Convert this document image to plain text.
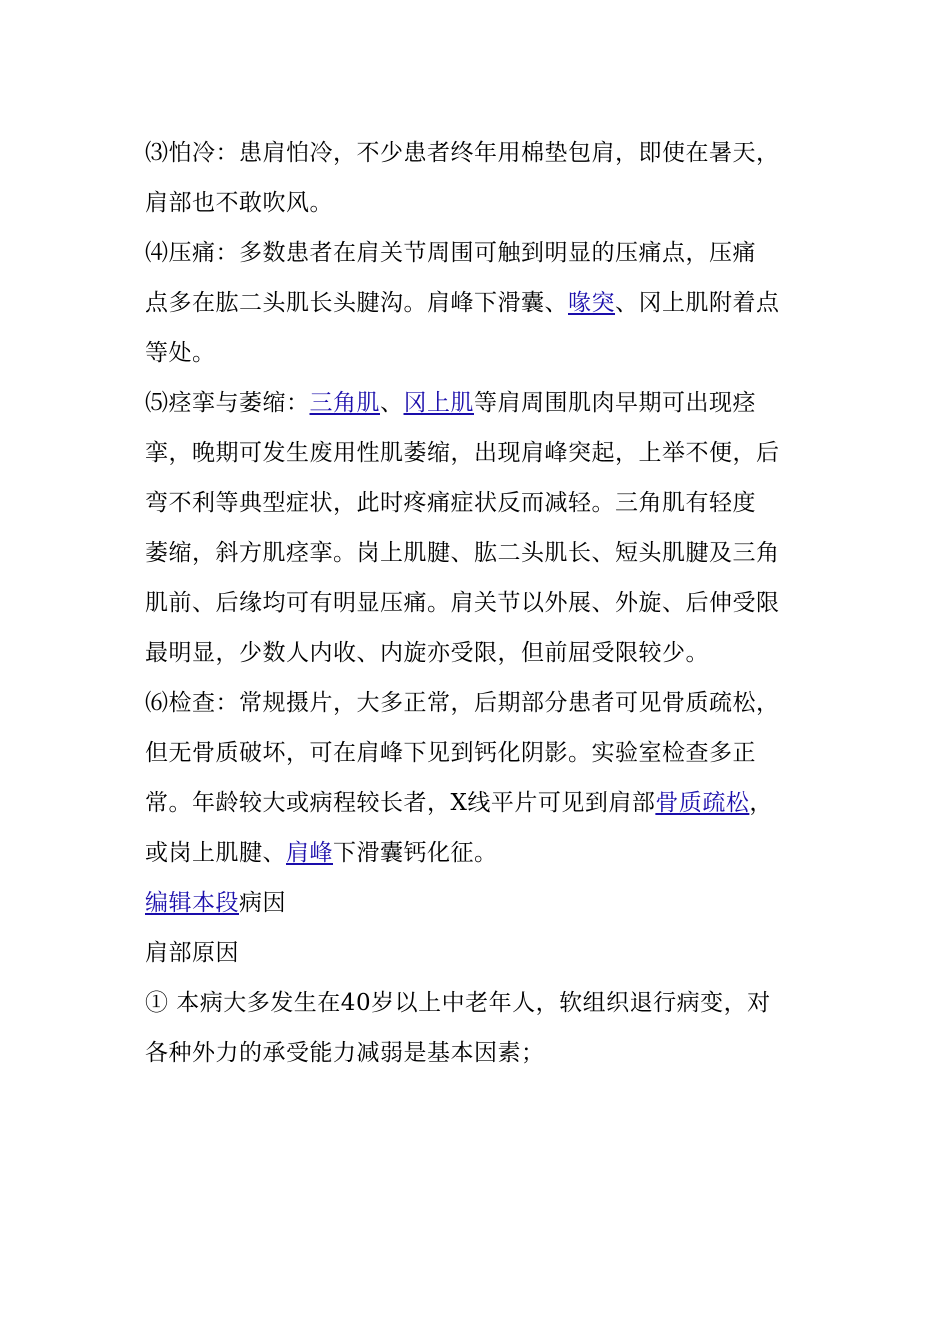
⑶怕冷：患肩怕冷，不少患者终年用棉垫包肩，即使在暑天，
肩部也不敢吹风。
⑷压痛：多数患者在肩关节周围可触到明显的压痛点，压痛
点多在肱二头肌长头腱沟。肩峰下滑囊、喙突、冈上肌附着点
等处。
⑸痉挛与萎缩：三角肌、冈上肌等肩周围肌肉早期可出现痉
挛，晚期可发生废用性肌萎缩，出现肩峰突起，上举不便，后
弯不利等典型症状，此时疼痛症状反而减轻。三角肌有轻度
萎缩，斜方肌痉挛。岗上肌腱、肱二头肌长、短头肌腱及三角
肌前、后缘均可有明显压痛。肩关节以外展、外旋、后伸受限
最明显，少数人内收、内旋亦受限，但前屈受限较少。
⑹检查：常规摄片，大多正常，后期部分患者可见骨质疏松，
但无骨质破坏，可在肩峰下见到钙化阴影。实验室检查多正
常。年龄较大或病程较长者，X线平片可见到肩部骨质疏松，
或岗上肌腱、肩峰下滑囊钙化征。
编辑本段病因
肩部原因
① 本病大多发生在40岁以上中老年人，软组织退行病变，对
各种外力的承受能力减弱是基本因素；
